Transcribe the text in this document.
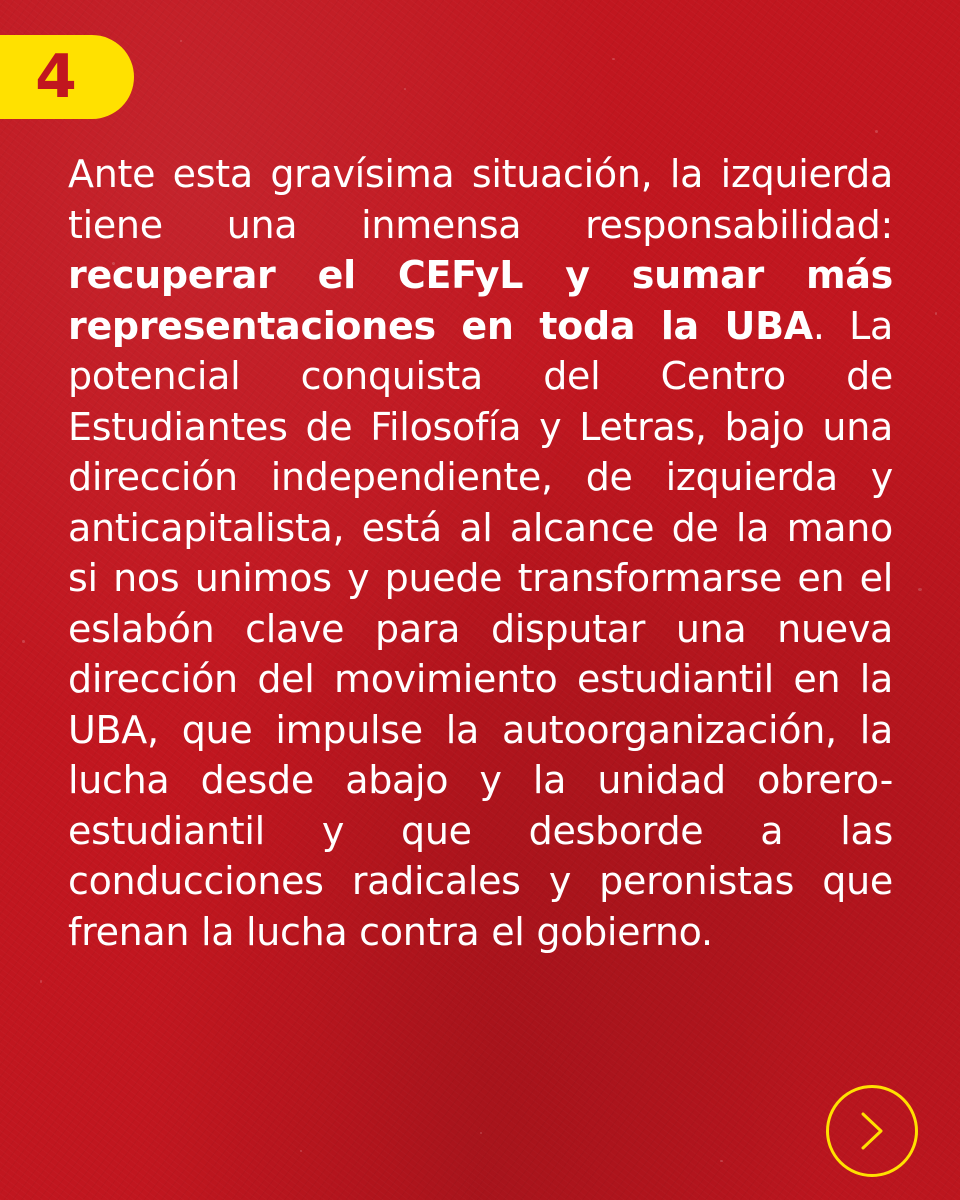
4

Ante esta gravísima situación, la izquierda tiene una inmensa responsabilidad: recuperar el CEFyL y sumar más representaciones en toda la UBA. La potencial conquista del Centro de Estudiantes de Filosofía y Letras, bajo una dirección independiente, de izquierda y anticapitalista, está al alcance de la mano si nos unimos y puede transformarse en el eslabón clave para disputar una nueva dirección del movimiento estudiantil en la UBA, que impulse la autoorganización, la lucha desde abajo y la unidad obrero-estudiantil y que desborde a las conducciones radicales y peronistas que frenan la lucha contra el gobierno.
